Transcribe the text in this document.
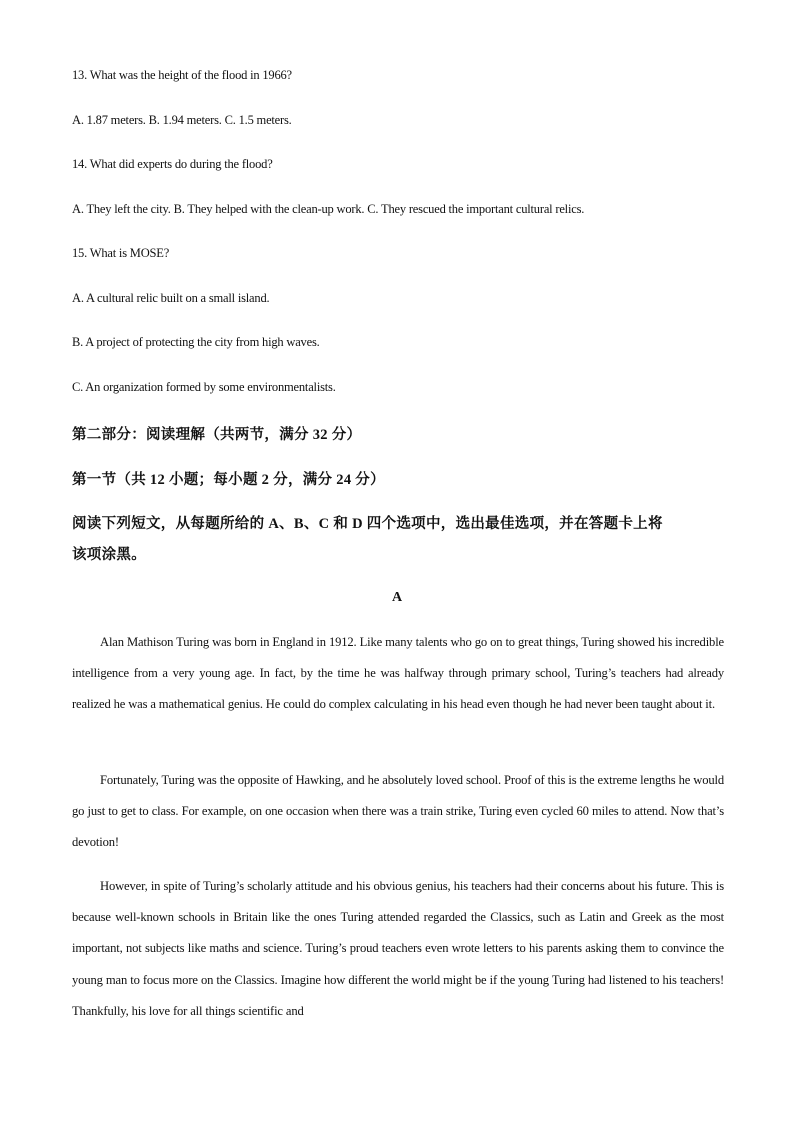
13. What was the height of the flood in 1966?
A. 1.87 meters. B. 1.94 meters. C. 1.5 meters.
14. What did experts do during the flood?
A. They left the city. B. They helped with the clean-up work. C. They rescued the important cultural relics.
15. What is MOSE?
A. A cultural relic built on a small island.
B. A project of protecting the city from high waves.
C. An organization formed by some environmentalists.
第二部分：阅读理解（共两节，满分 32 分）
第一节（共 12 小题；每小题 2 分，满分 24 分）
阅读下列短文，从每题所给的 A、B、C 和 D 四个选项中，选出最佳选项，并在答题卡上将
该项涂黑。
A

Alan Mathison Turing was born in England in 1912. Like many talents who go on to great things, Turing showed his incredible intelligence from a very young age. In fact, by the time he was halfway through primary school, Turing’s teachers had already realized he was a mathematical genius. He could do complex calculating in his head even though he had never been taught about it.

Fortunately, Turing was the opposite of Hawking, and he absolutely loved school. Proof of this is the extreme lengths he would go just to get to class. For example, on one occasion when there was a train strike, Turing even cycled 60 miles to attend. Now that’s devotion!

However, in spite of Turing’s scholarly attitude and his obvious genius, his teachers had their concerns about his future. This is because well-known schools in Britain like the ones Turing attended regarded the Classics, such as Latin and Greek as the most important, not subjects like maths and science. Turing’s proud teachers even wrote letters to his parents asking them to convince the young man to focus more on the Classics. Imagine how different the world might be if the young Turing had listened to his teachers! Thankfully, his love for all things scientific and
